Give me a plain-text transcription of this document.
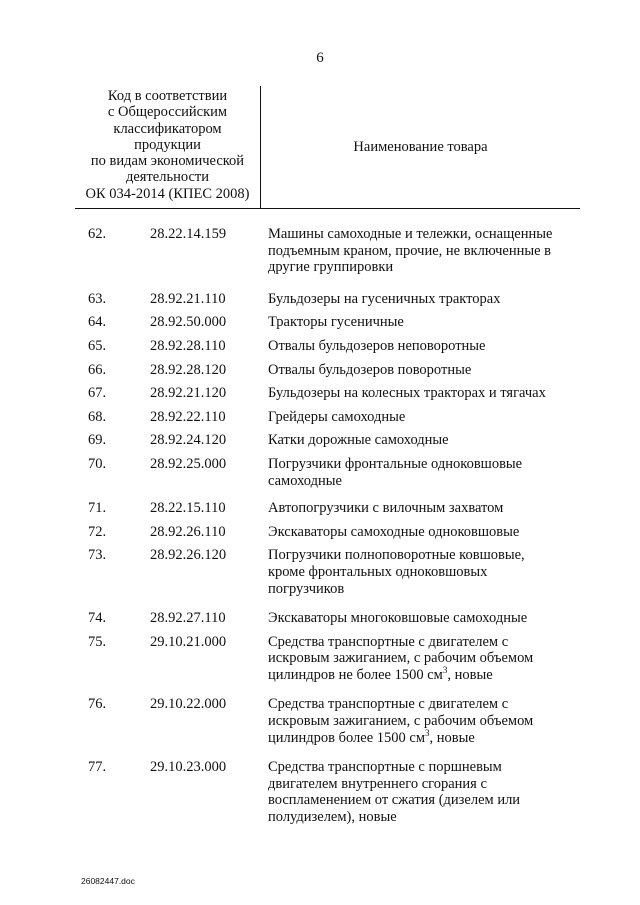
6
Код в соответствии
с Общероссийским
классификатором
продукции
по видам экономической
деятельности
ОК 034-2014 (КПЕС 2008)
Наименование товара
62.	28.22.14.159	Машины самоходные и тележки, оснащенные
подъемным краном, прочие, не включенные в
другие группировки
63.	28.92.21.110	Бульдозеры на гусеничных тракторах
64.	28.92.50.000	Тракторы гусеничные
65.	28.92.28.110	Отвалы бульдозеров неповоротные
66.	28.92.28.120	Отвалы бульдозеров поворотные
67.	28.92.21.120	Бульдозеры на колесных тракторах и тягачах
68.	28.92.22.110	Грейдеры самоходные
69.	28.92.24.120	Катки дорожные самоходные
70.	28.92.25.000	Погрузчики фронтальные одноковшовые
самоходные
71.	28.22.15.110	Автопогрузчики с вилочным захватом
72.	28.92.26.110	Экскаваторы самоходные одноковшовые
73.	28.92.26.120	Погрузчики полноповоротные ковшовые,
кроме фронтальных одноковшовых
погрузчиков
74.	28.92.27.110	Экскаваторы многоковшовые самоходные
75.	29.10.21.000	Средства транспортные с двигателем с
искровым зажиганием, с рабочим объемом
цилиндров не более 1500 $см^3$, новые
76.	29.10.22.000	Средства транспортные с двигателем с
искровым зажиганием, с рабочим объемом
цилиндров более 1500 $см^3$, новые
77.	29.10.23.000	Средства транспортные с поршневым
двигателем внутреннего сгорания с
воспламенением от сжатия (дизелем или
полудизелем), новые
26082447.doc
